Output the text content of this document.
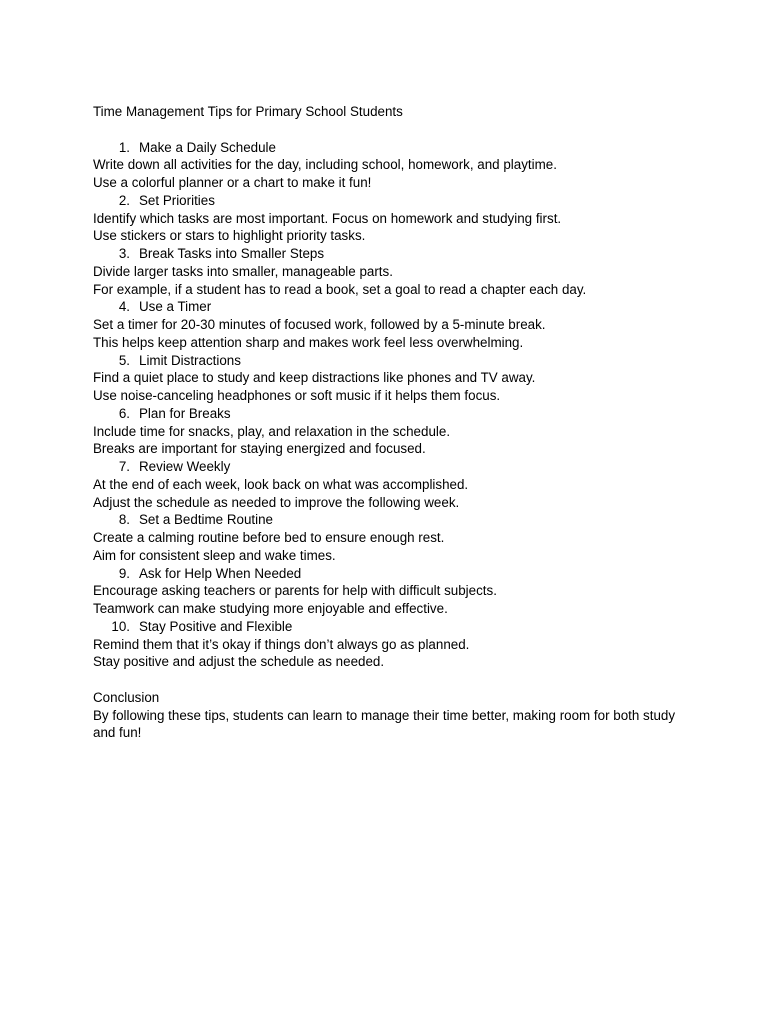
Time Management Tips for Primary School Students

1. Make a Daily Schedule

Write down all activities for the day, including school, homework, and playtime.

Use a colorful planner or a chart to make it fun!

2. Set Priorities

Identify which tasks are most important. Focus on homework and studying first.

Use stickers or stars to highlight priority tasks.

3. Break Tasks into Smaller Steps

Divide larger tasks into smaller, manageable parts.

For example, if a student has to read a book, set a goal to read a chapter each day.

4. Use a Timer

Set a timer for 20-30 minutes of focused work, followed by a 5-minute break.

This helps keep attention sharp and makes work feel less overwhelming.

5. Limit Distractions

Find a quiet place to study and keep distractions like phones and TV away.

Use noise-canceling headphones or soft music if it helps them focus.

6. Plan for Breaks

Include time for snacks, play, and relaxation in the schedule.

Breaks are important for staying energized and focused.

7. Review Weekly

At the end of each week, look back on what was accomplished.

Adjust the schedule as needed to improve the following week.

8. Set a Bedtime Routine

Create a calming routine before bed to ensure enough rest.

Aim for consistent sleep and wake times.

9. Ask for Help When Needed

Encourage asking teachers or parents for help with difficult subjects.

Teamwork can make studying more enjoyable and effective.

10. Stay Positive and Flexible

Remind them that it’s okay if things don’t always go as planned.

Stay positive and adjust the schedule as needed.

Conclusion

By following these tips, students can learn to manage their time better, making room for both study and fun!
